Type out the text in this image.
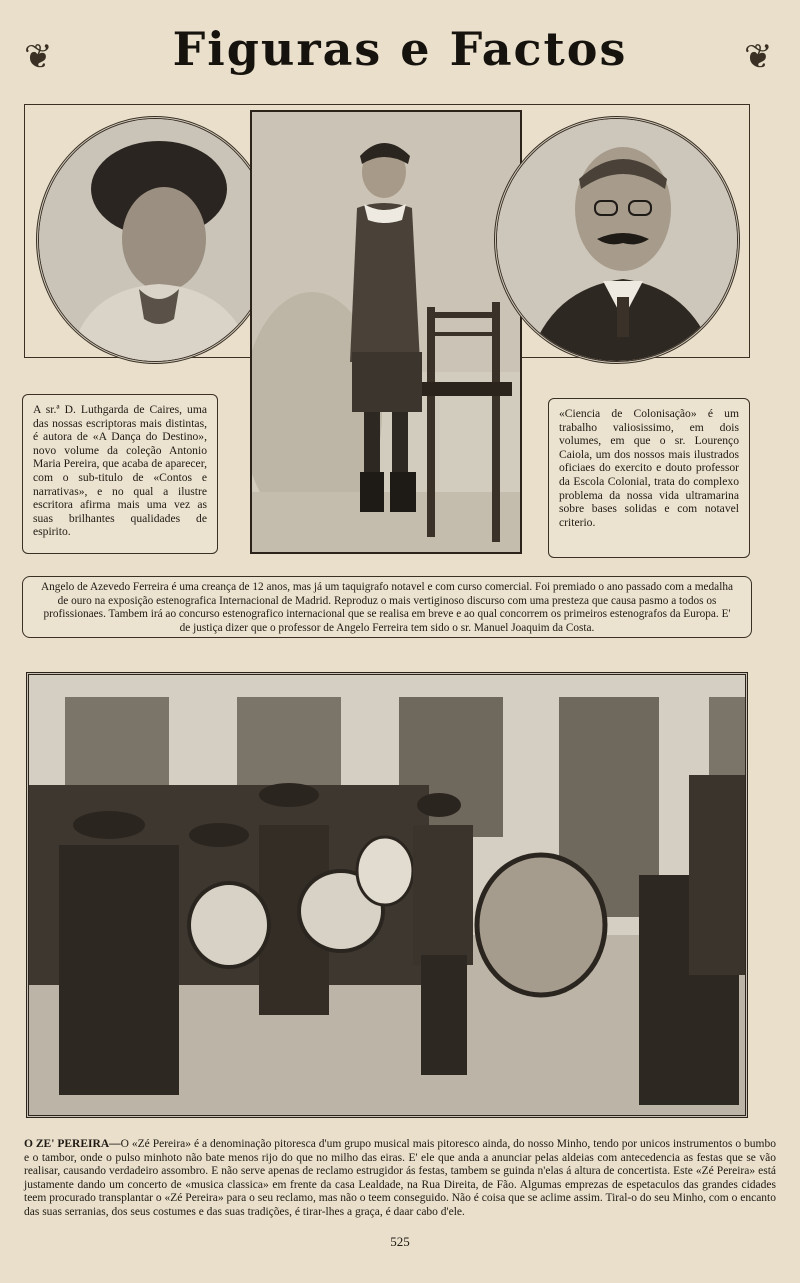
Figuras e Factos
❦	❦
A sr.ª D. Luthgarda de Caires, uma das nossas escriptoras mais distintas, é autora de «A Dança do Destino», novo volume da coleção Antonio Maria Pereira, que acaba de aparecer, com o sub-titulo de «Contos e narrativas», e no qual a ilustre escritora afirma mais uma vez as suas brilhantes qualidades de espirito.
«Ciencia de Colonisação» é um trabalho valiosissimo, em dois volumes, em que o sr. Lourenço Caiola, um dos nossos mais ilustrados oficiaes do exercito e douto professor da Escola Colonial, trata do complexo problema da nossa vida ultramarina sobre bases solidas e com notavel criterio.
Angelo de Azevedo Ferreira é uma creança de 12 anos, mas já um taquigrafo notavel e com curso comercial. Foi premiado o ano passado com a medalha de ouro na exposição estenografica Internacional de Madrid. Reproduz o mais vertiginoso discurso com uma presteza que causa pasmo a todos os profissionaes. Tambem irá ao concurso estenografico internacional que se realisa em breve e ao qual concorrem os primeiros estenografos da Europa. E' de justiça dizer que o professor de Angelo Ferreira tem sido o sr. Manuel Joaquim da Costa.
O ZE' PEREIRA—O «Zé Pereira» é a denominação pitoresca d'um grupo musical mais pitoresco ainda, do nosso Minho, tendo por unicos instrumentos o bumbo e o tambor, onde o pulso minhoto não bate menos rijo do que no milho das eiras. E' ele que anda a anunciar pelas aldeias com antecedencia as festas que se vão realisar, causando verdadeiro assombro. E não serve apenas de reclamo estrugidor ás festas, tambem se guinda n'elas á altura de concertista. Este «Zé Pereira» está justamente dando um concerto de «musica classica» em frente da casa Lealdade, na Rua Direita, de Fão. Algumas emprezas de espetaculos das grandes cidades teem procurado transplantar o «Zé Pereira» para o seu reclamo, mas não o teem conseguido. Não é coisa que se aclime assim. Tiral-o do seu Minho, com o encanto das suas serranias, dos seus costumes e das suas tradições, é tirar-lhes a graça, é daar cabo d'ele.
525
